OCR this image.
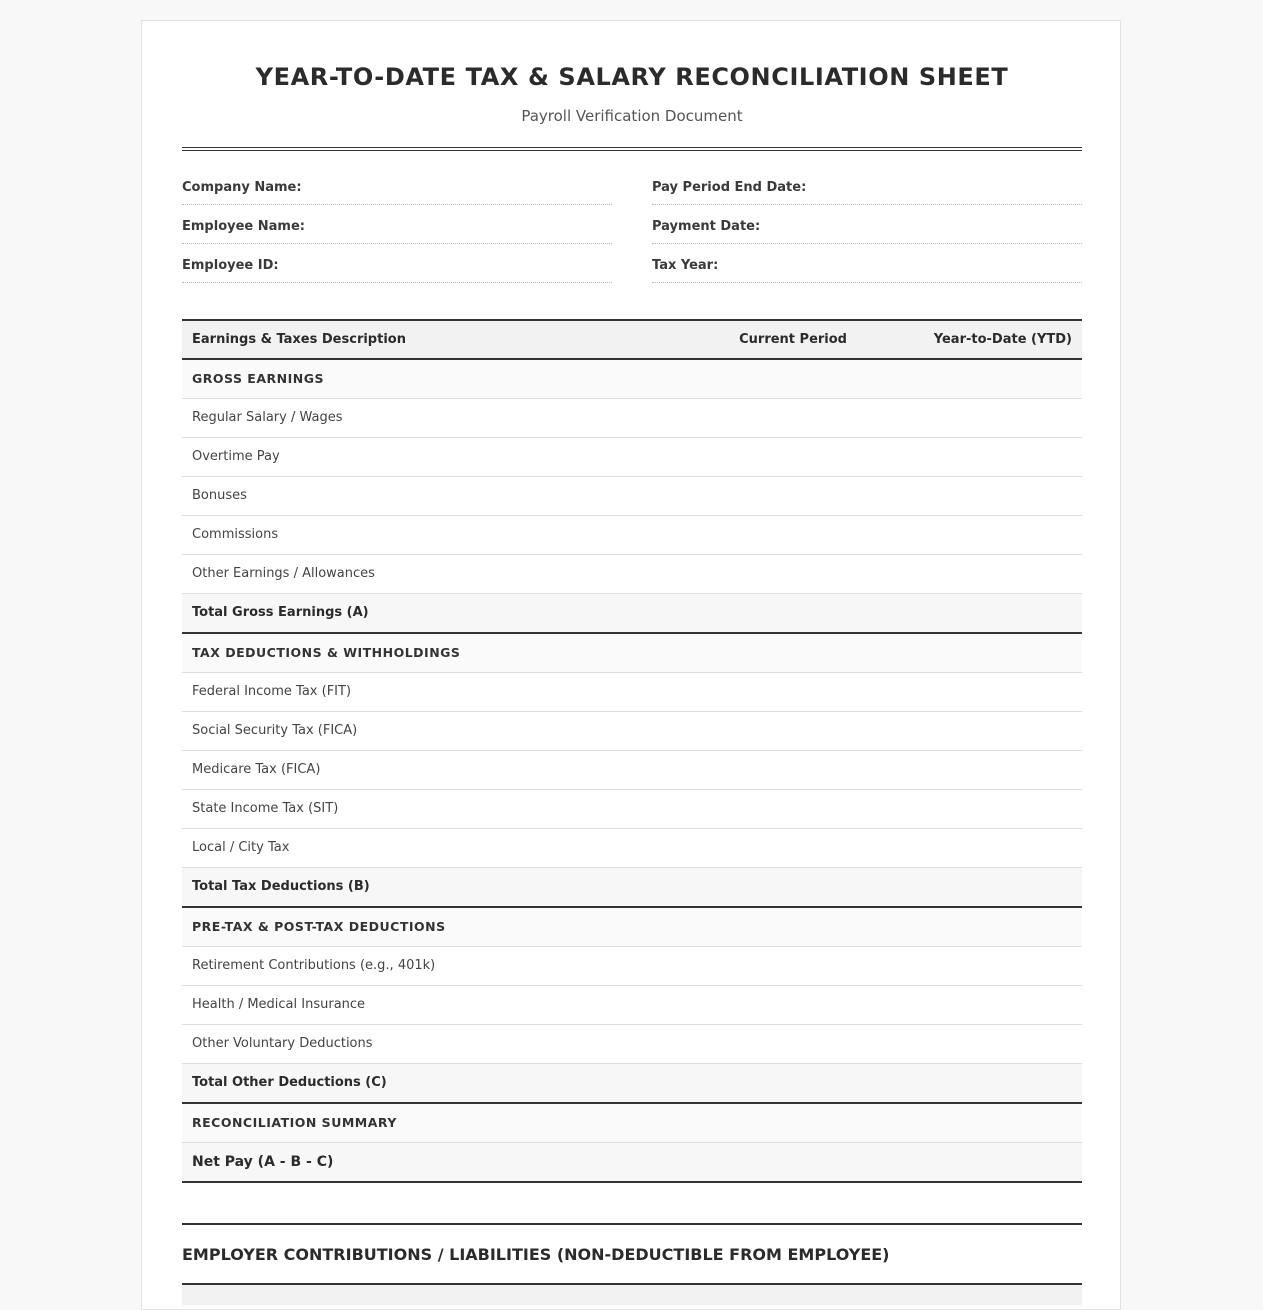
YEAR-TO-DATE TAX & SALARY RECONCILIATION SHEET
Payroll Verification Document
Company Name:	Pay Period End Date:
Employee Name:	Payment Date:
Employee ID:	Tax Year:
Earnings & Taxes Description	Current Period	Year-to-Date (YTD)
GROSS EARNINGS
Regular Salary / Wages
Overtime Pay
Bonuses
Commissions
Other Earnings / Allowances
Total Gross Earnings (A)
TAX DEDUCTIONS & WITHHOLDINGS
Federal Income Tax (FIT)
Social Security Tax (FICA)
Medicare Tax (FICA)
State Income Tax (SIT)
Local / City Tax
Total Tax Deductions (B)
PRE-TAX & POST-TAX DEDUCTIONS
Retirement Contributions (e.g., 401k)
Health / Medical Insurance
Other Voluntary Deductions
Total Other Deductions (C)
RECONCILIATION SUMMARY
Net Pay (A - B - C)
EMPLOYER CONTRIBUTIONS / LIABILITIES (NON-DEDUCTIBLE FROM EMPLOYEE)
